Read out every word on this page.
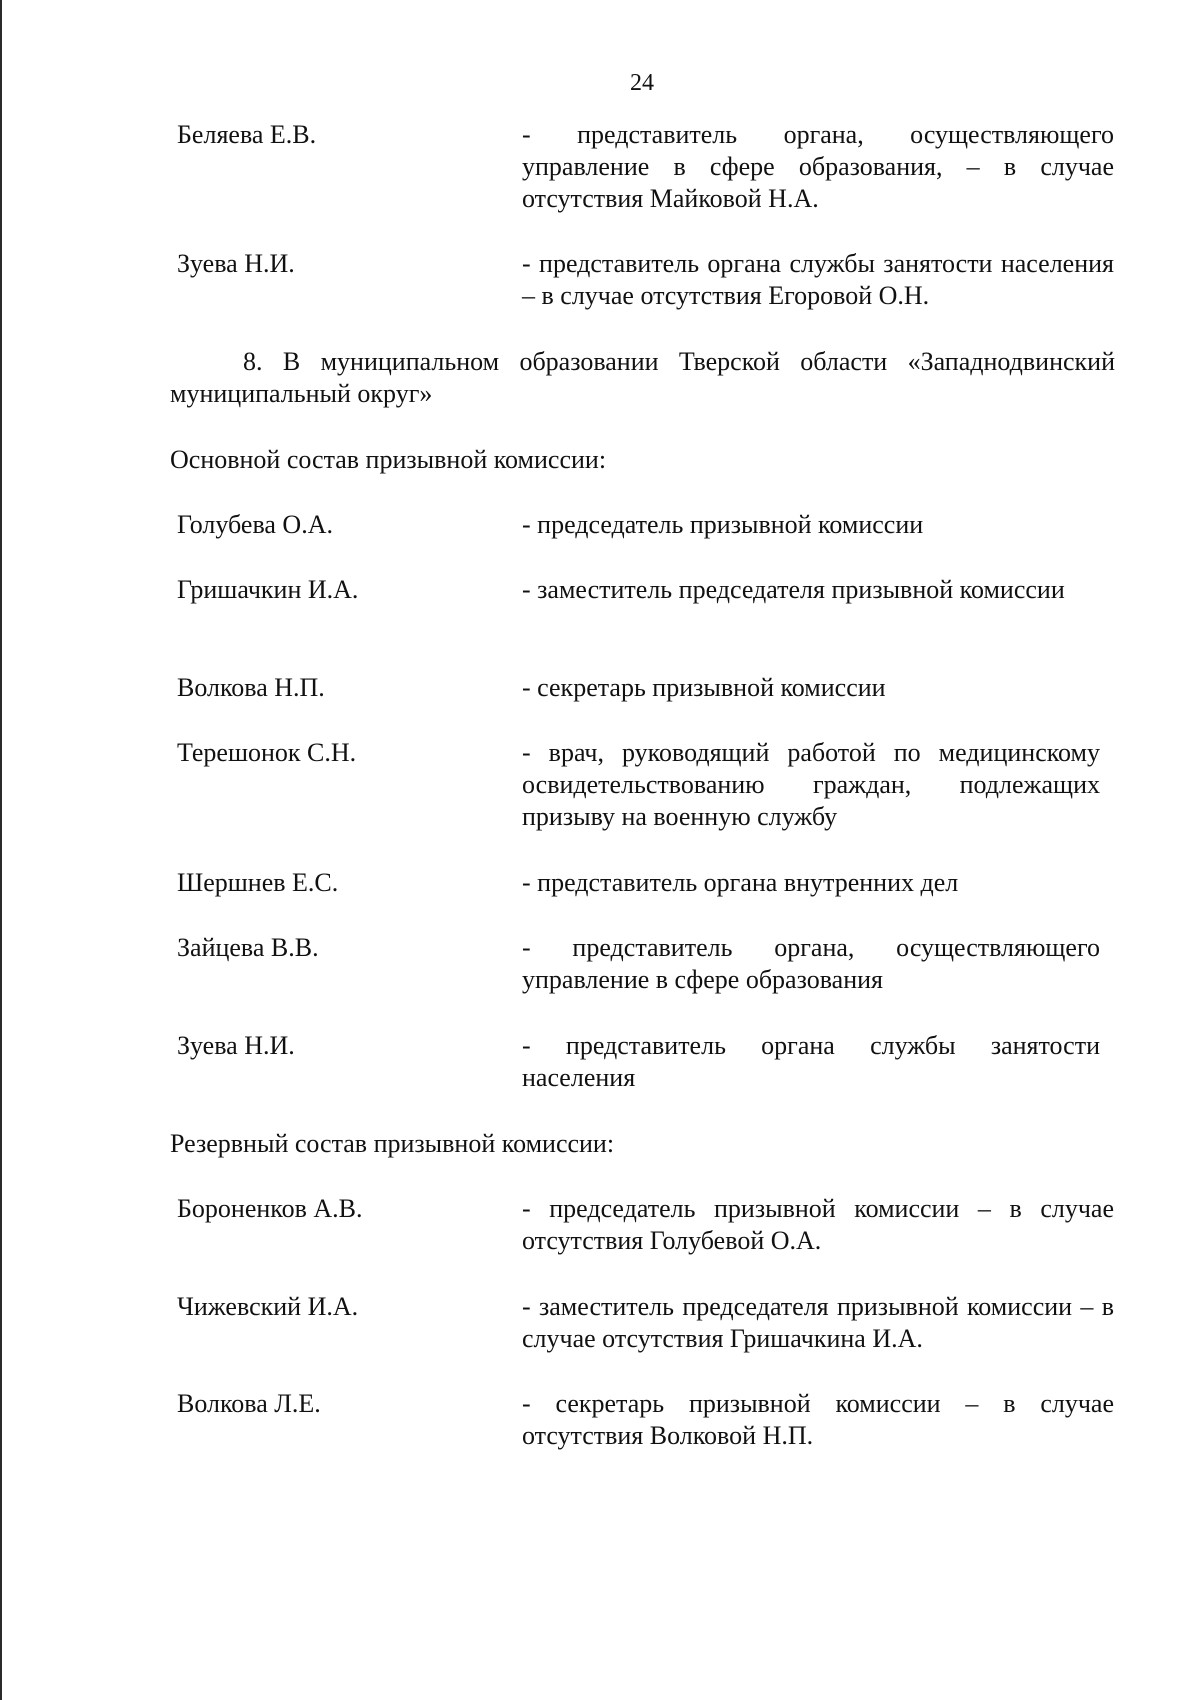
24
Беляева Е.В.	- представитель органа, осуществляющего управление в сфере образования, – в случае отсутствия Майковой Н.А.
Зуева Н.И.	- представитель органа службы занятости населения – в случае отсутствия Егоровой О.Н.
8. В муниципальном образовании Тверской области «Западнодвинский муниципальный округ»
Основной состав призывной комиссии:
Голубева О.А.	- председатель призывной комиссии
Гришачкин И.А.	- заместитель председателя призывной комиссии
Волкова Н.П.	- секретарь призывной комиссии
Терешонок С.Н.	- врач, руководящий работой по медицинскому освидетельствованию граждан, подлежащих призыву на военную службу
Шершнев Е.С.	- представитель органа внутренних дел
Зайцева В.В.	- представитель органа, осуществляющего управление в сфере образования
Зуева Н.И.	- представитель органа службы занятости населения
Резервный состав призывной комиссии:
Бороненков А.В.	- председатель призывной комиссии – в случае отсутствия Голубевой О.А.
Чижевский И.А.	- заместитель председателя призывной комиссии – в случае отсутствия Гришачкина И.А.
Волкова Л.Е.	- секретарь призывной комиссии – в случае отсутствия Волковой Н.П.
